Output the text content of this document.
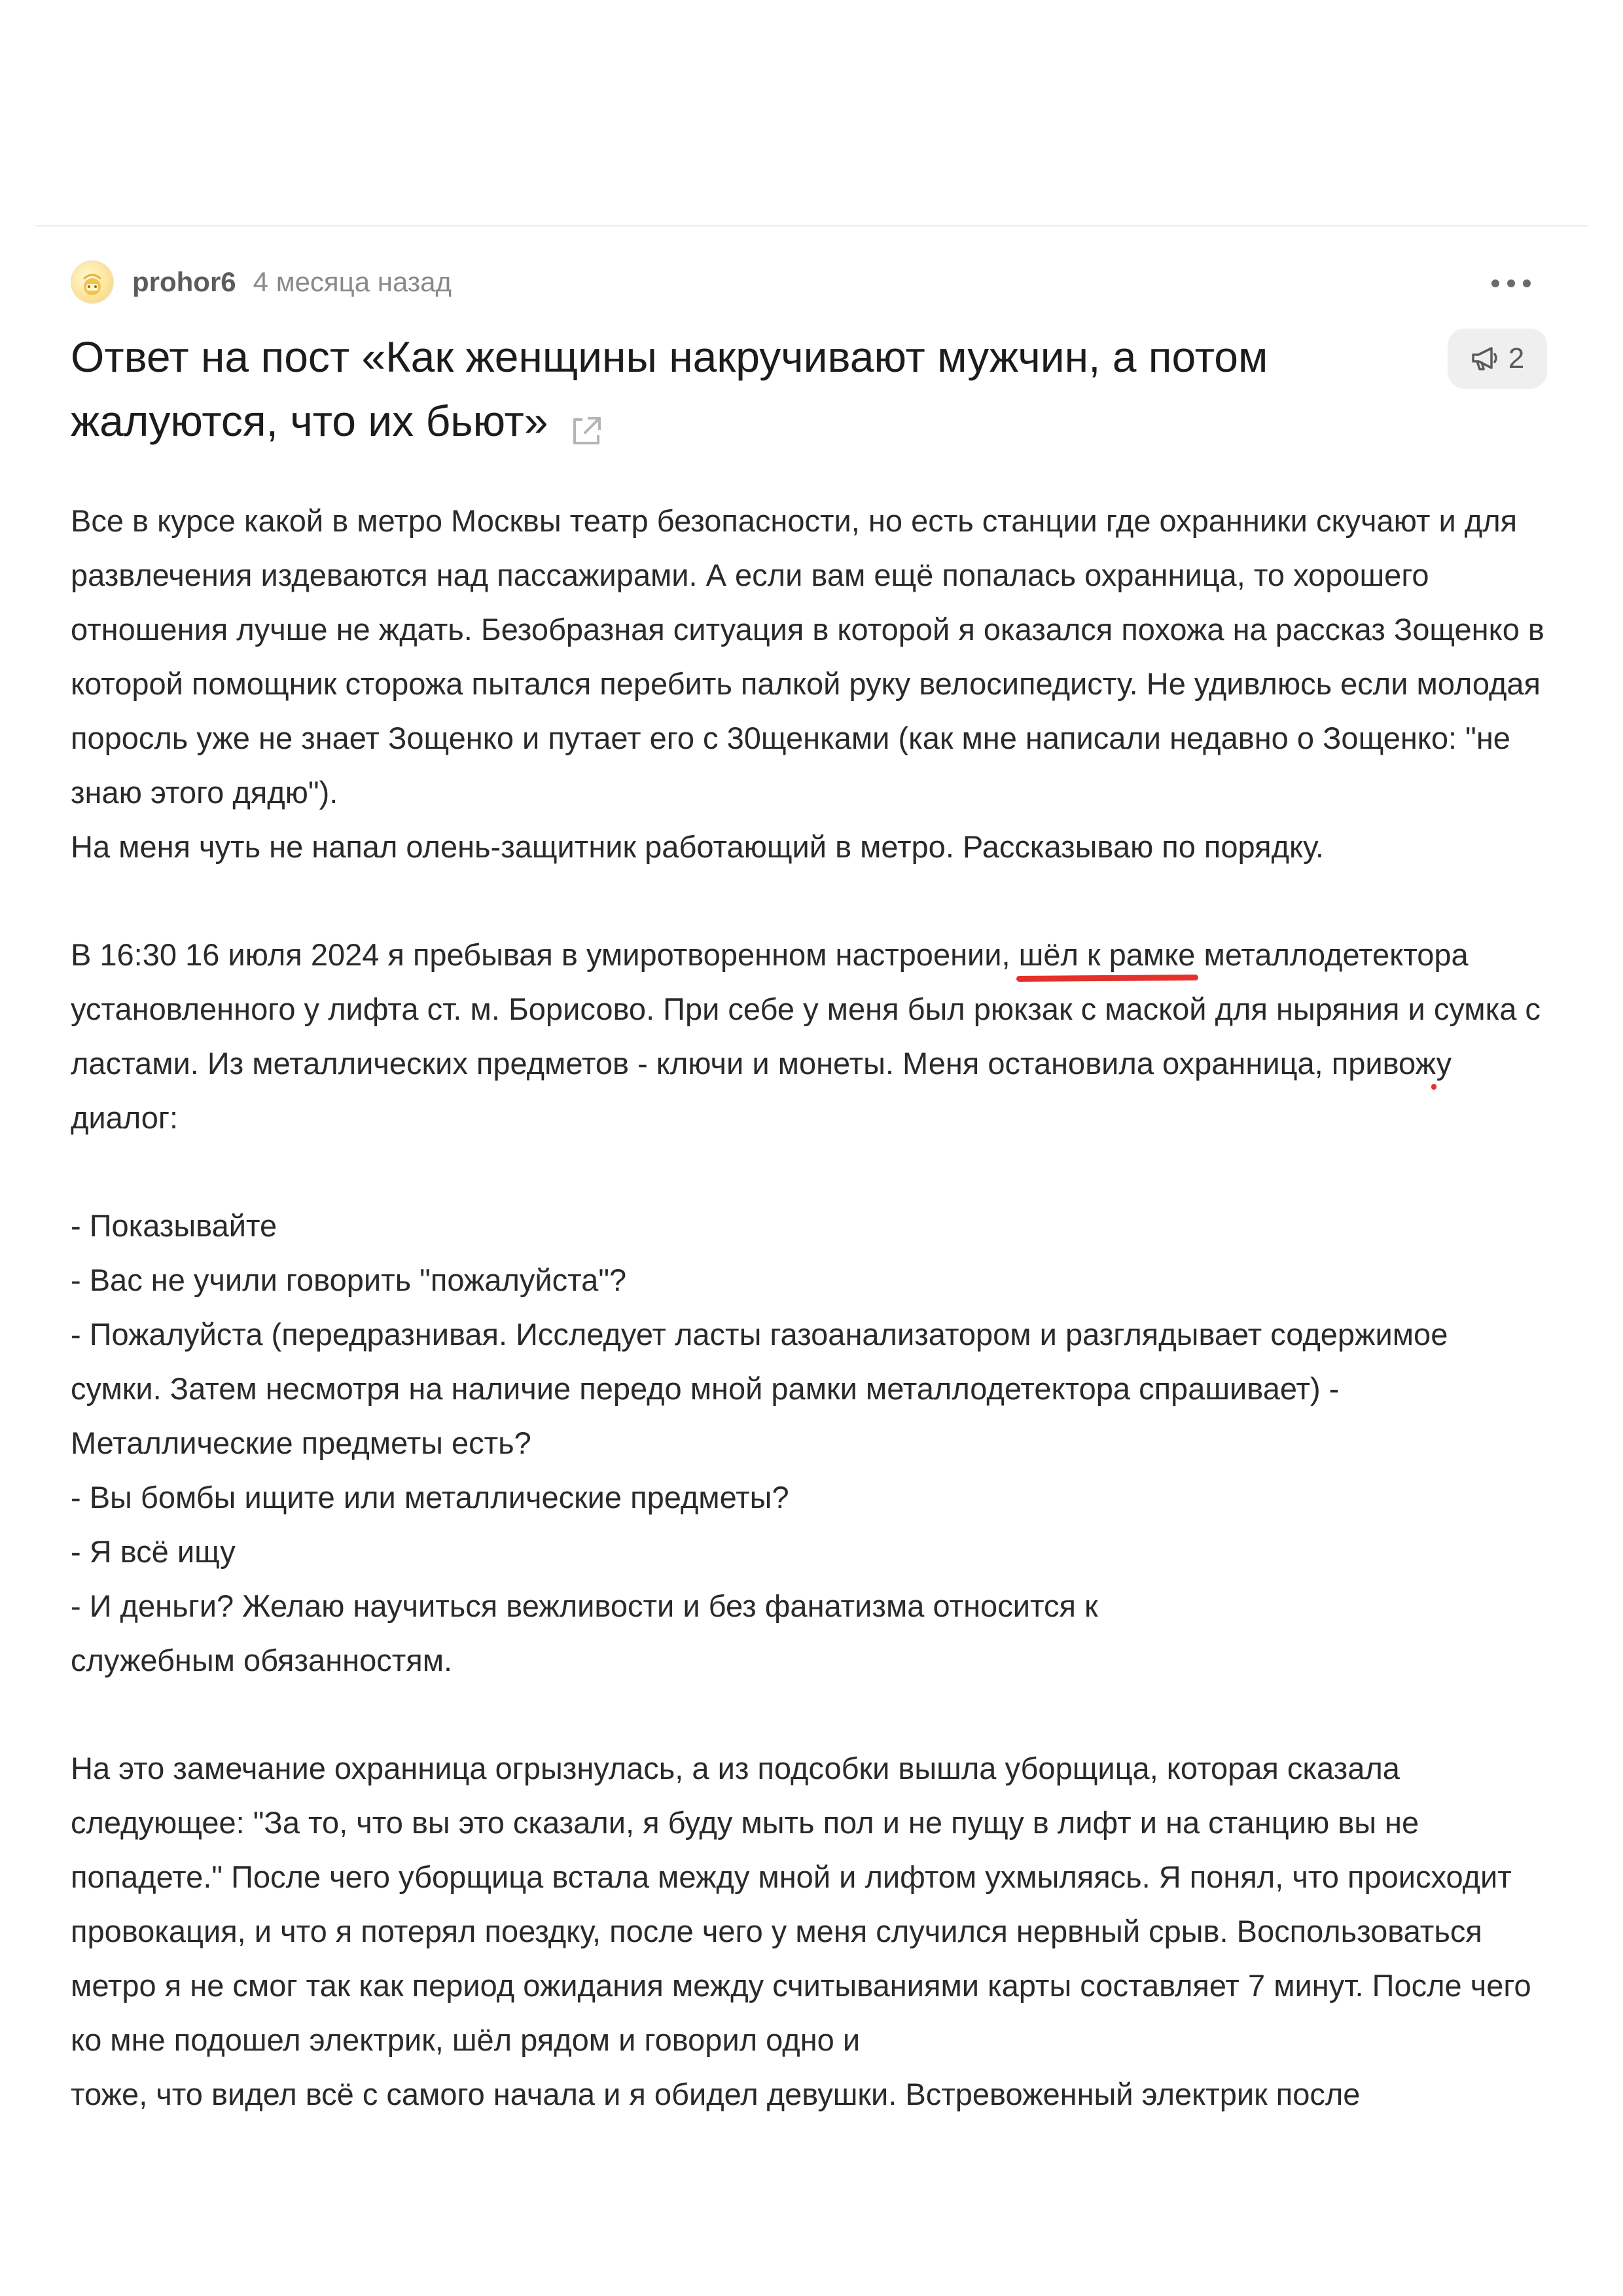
prohor6 4 месяца назад
Ответ на пост «Как женщины накручивают мужчин, а потом жалуются, что их бьют»
2

Все в курсе какой в метро Москвы театр безопасности, но есть станции где охранники скучают и для развлечения издеваются над пассажирами. А если вам ещё попалась охранница, то хорошего отношения лучше не ждать. Безобразная ситуация в которой я оказался похожа на рассказ Зощенко в которой помощник сторожа пытался перебить палкой руку велосипедисту. Не удивлюсь если молодая поросль уже не знает Зощенко и путает его с 30щенками (как мне написали недавно о Зощенко: "не знаю этого дядю").

На меня чуть не напал олень-защитник работающий в метро. Рассказываю по порядку.

В 16:30 16 июля 2024 я пребывая в умиротворенном настроении, шёл к рамке металлодетектора установленного у лифта ст. м. Борисово. При себе у меня был рюкзак с маской для ныряния и сумка с ластами. Из металлических предметов - ключи и монеты. Меня остановила охранница, привожу диалог:

- Показывайте

- Вас не учили говорить "пожалуйста"?

- Пожалуйста (передразнивая. Исследует ласты газоанализатором и разглядывает содержимое сумки. Затем несмотря на наличие передо мной рамки металлодетектора спрашивает) - Металлические предметы есть?

- Вы бомбы ищите или металлические предметы?

- Я всё ищу

- И деньги? Желаю научиться вежливости и без фанатизма относится к служебным обязанностям.

На это замечание охранница огрызнулась, а из подсобки вышла уборщица, которая сказала следующее: "За то, что вы это сказали, я буду мыть пол и не пущу в лифт и на станцию вы не попадете." После чего уборщица встала между мной и лифтом ухмыляясь. Я понял, что происходит провокация, и что я потерял поездку, после чего у меня случился нервный срыв. Воспользоваться метро я не смог так как период ожидания между считываниями карты составляет 7 минут. После чего ко мне подошел электрик, шёл рядом и говорил одно и

тоже, что видел всё с самого начала и я обидел девушки. Встревоженный электрик после
